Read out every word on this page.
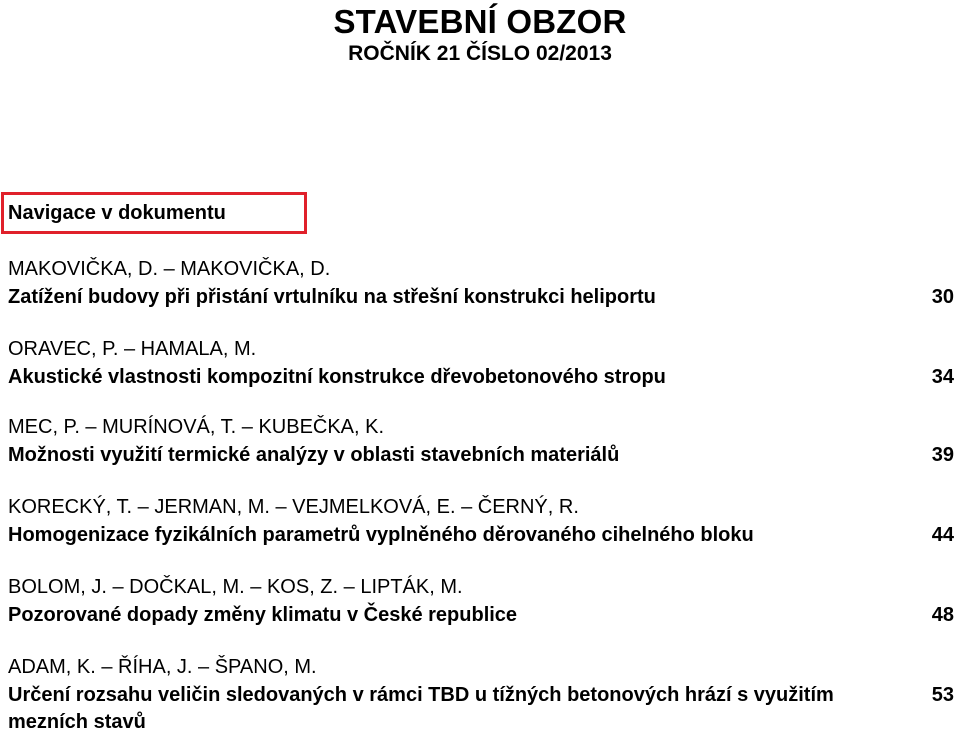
STAVEBNÍ OBZOR
ROČNÍK 21 ČÍSLO 02/2013
Navigace v dokumentu
MAKOVIČKA, D. – MAKOVIČKA, D.
Zatížení budovy při přistání vrtulníku na střešní konstrukci heliportu	30
ORAVEC, P. – HAMALA, M.
Akustické vlastnosti kompozitní konstrukce dřevobetonového stropu	34
MEC, P. – MURÍNOVÁ, T. – KUBEČKA, K.
Možnosti využití termické analýzy v oblasti stavebních materiálů	39
KORECKÝ, T. – JERMAN, M. – VEJMELKOVÁ, E. – ČERNÝ, R.
Homogenizace fyzikálních parametrů vyplněného děrovaného cihelného bloku	44
BOLOM, J. – DOČKAL, M. – KOS, Z. – LIPTÁK, M.
Pozorované dopady změny klimatu v České republice	48
ADAM, K. – ŘÍHA, J. – ŠPANO, M.
Určení rozsahu veličin sledovaných v rámci TBD u tížných betonových hrází s využitím mezních stavů
53
